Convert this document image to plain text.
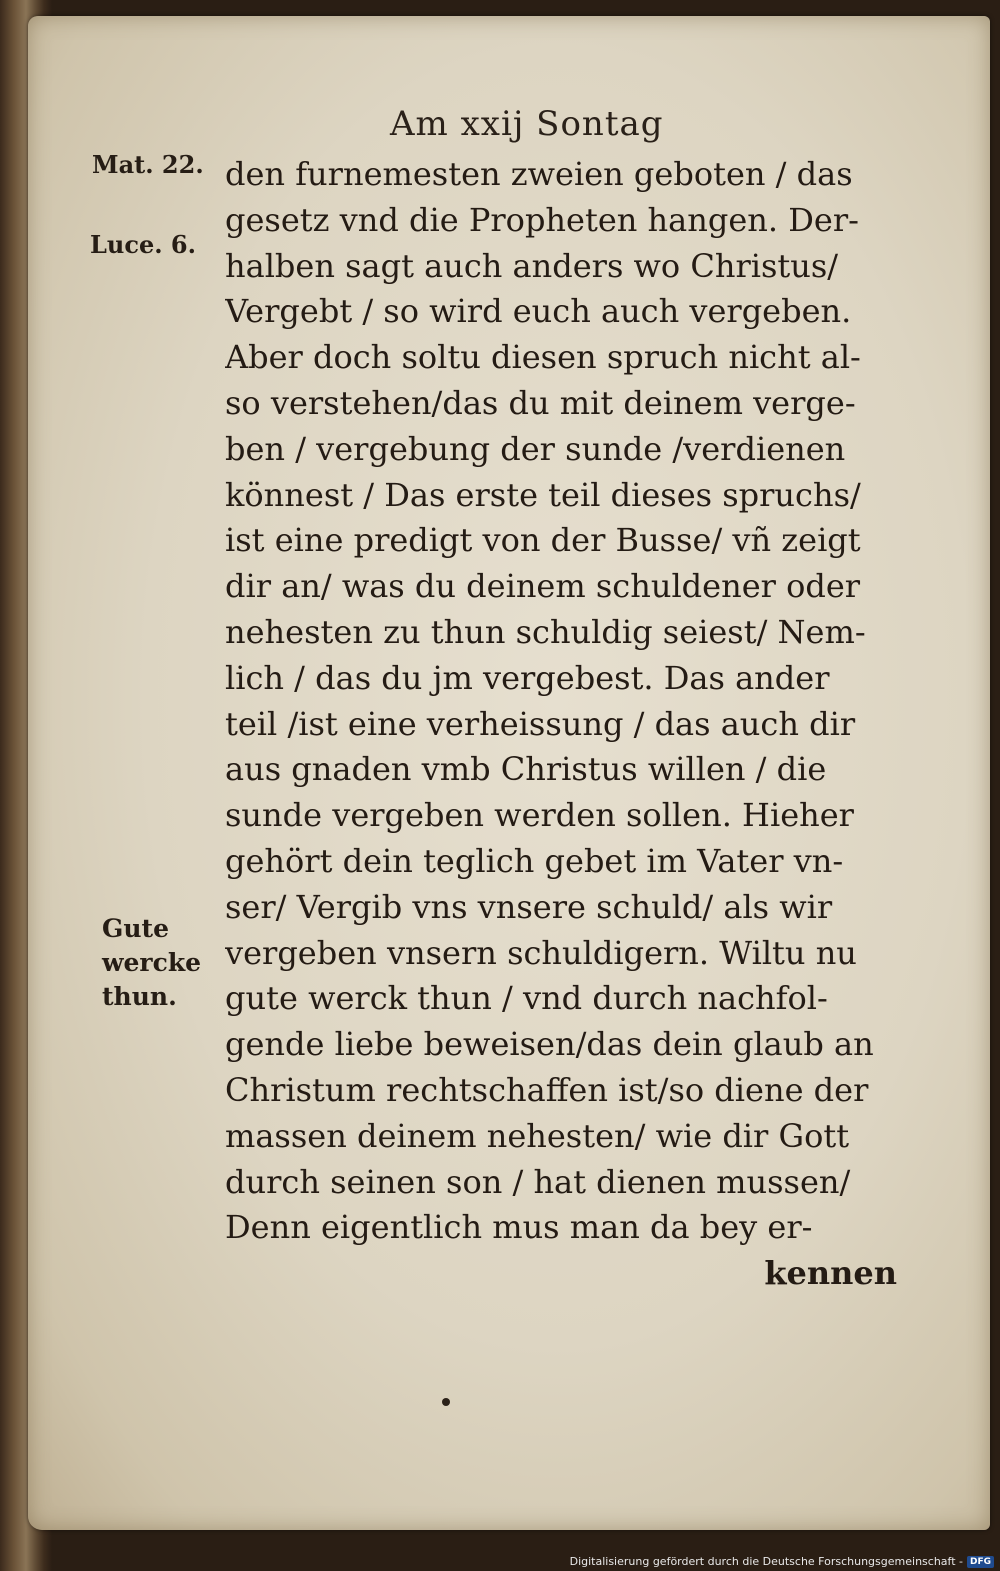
Am xxij Sontag
Mat. 22.
Luce. 6.
Gute
wercke
thun.
den furnemesten zweien geboten / das
gesetz vnd die Propheten hangen. Der-
halben sagt auch anders wo Christus/
Vergebt / so wird euch auch vergeben.
Aber doch soltu diesen spruch nicht al-
so verstehen/das du mit deinem verge-
ben / vergebung der sunde /verdienen
könnest / Das erste teil dieses spruchs/
ist eine predigt von der Busse/ vñ zeigt
dir an/ was du deinem schuldener oder
nehesten zu thun schuldig seiest/ Nem-
lich / das du jm vergebest. Das ander
teil /ist eine verheissung / das auch dir
aus gnaden vmb Christus willen / die
sunde vergeben werden sollen. Hieher
gehört dein teglich gebet im Vater vn-
ser/ Vergib vns vnsere schuld/ als wir
vergeben vnsern schuldigern. Wiltu nu
gute werck thun / vnd durch nachfol-
gende liebe beweisen/das dein glaub an
Christum rechtschaffen ist/so diene der
massen deinem nehesten/ wie dir Gott
durch seinen son / hat dienen mussen/
Denn eigentlich mus man da bey er-
kennen
Digitalisierung gefördert durch die Deutsche Forschungsgemeinschaft - DFG
